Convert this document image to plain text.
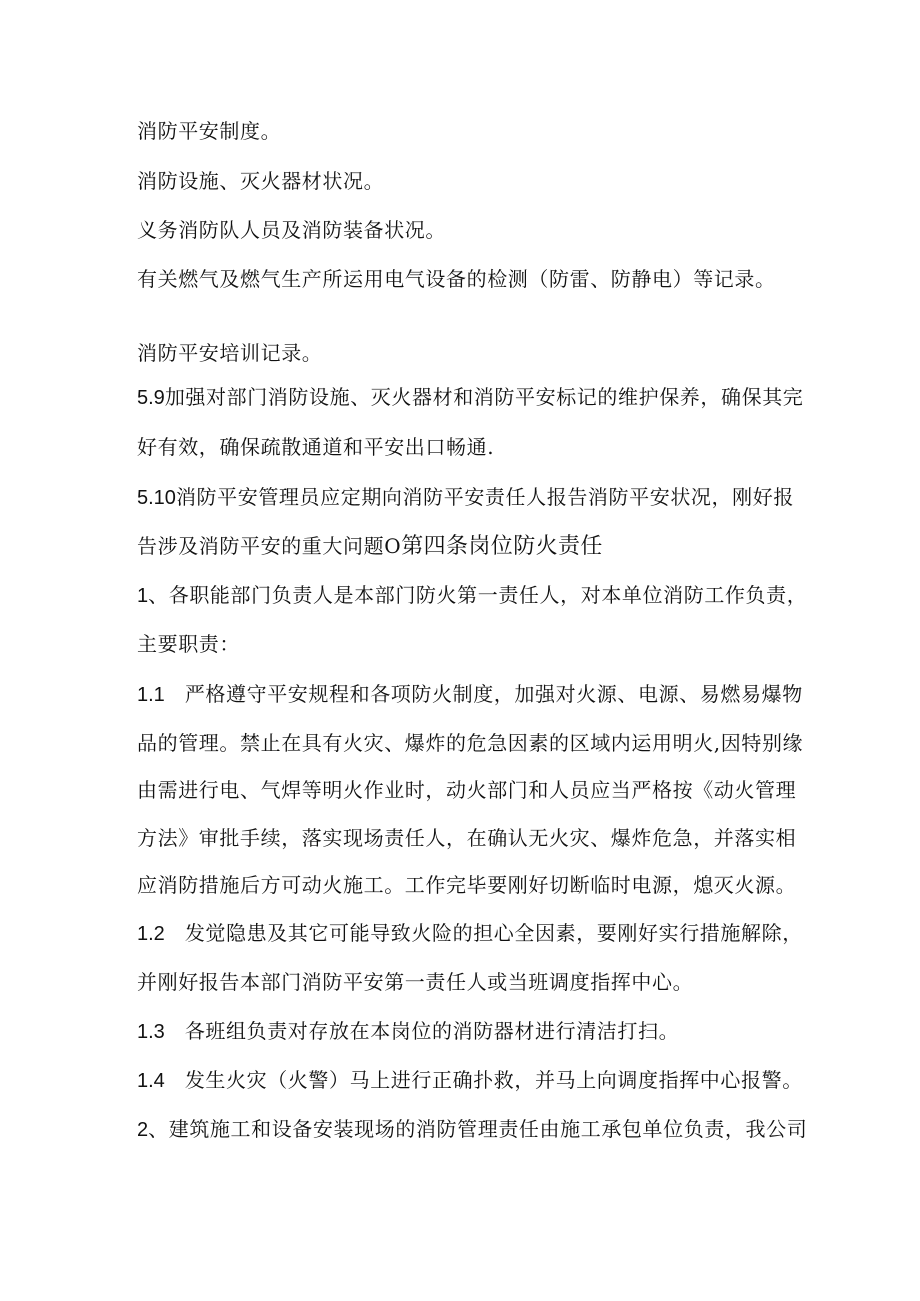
消防平安制度。
消防设施、灭火器材状况。
义务消防队人员及消防装备状况。
有关燃气及燃气生产所运用电气设备的检测（防雷、防静电）等记录。
消防平安培训记录。
5.9加强对部门消防设施、灭火器材和消防平安标记的维护保养，确保其完
好有效，确保疏散通道和平安出口畅通.
5.10消防平安管理员应定期向消防平安责任人报告消防平安状况，刚好报
告涉及消防平安的重大问题O第四条岗位防火责任
1、各职能部门负责人是本部门防火第一责任人，对本单位消防工作负责，
主要职责：
1.1 严格遵守平安规程和各项防火制度，加强对火源、电源、易燃易爆物
品的管理。禁止在具有火灾、爆炸的危急因素的区域内运用明火,因特别缘
由需进行电、气焊等明火作业时，动火部门和人员应当严格按《动火管理
方法》审批手续，落实现场责任人，在确认无火灾、爆炸危急，并落实相
应消防措施后方可动火施工。工作完毕要刚好切断临时电源，熄灭火源。
1.2 发觉隐患及其它可能导致火险的担心全因素，要刚好实行措施解除，
并刚好报告本部门消防平安第一责任人或当班调度指挥中心。
1.3 各班组负责对存放在本岗位的消防器材进行清洁打扫。
1.4 发生火灾（火警）马上进行正确扑救，并马上向调度指挥中心报警。
2、建筑施工和设备安装现场的消防管理责任由施工承包单位负责，我公司
